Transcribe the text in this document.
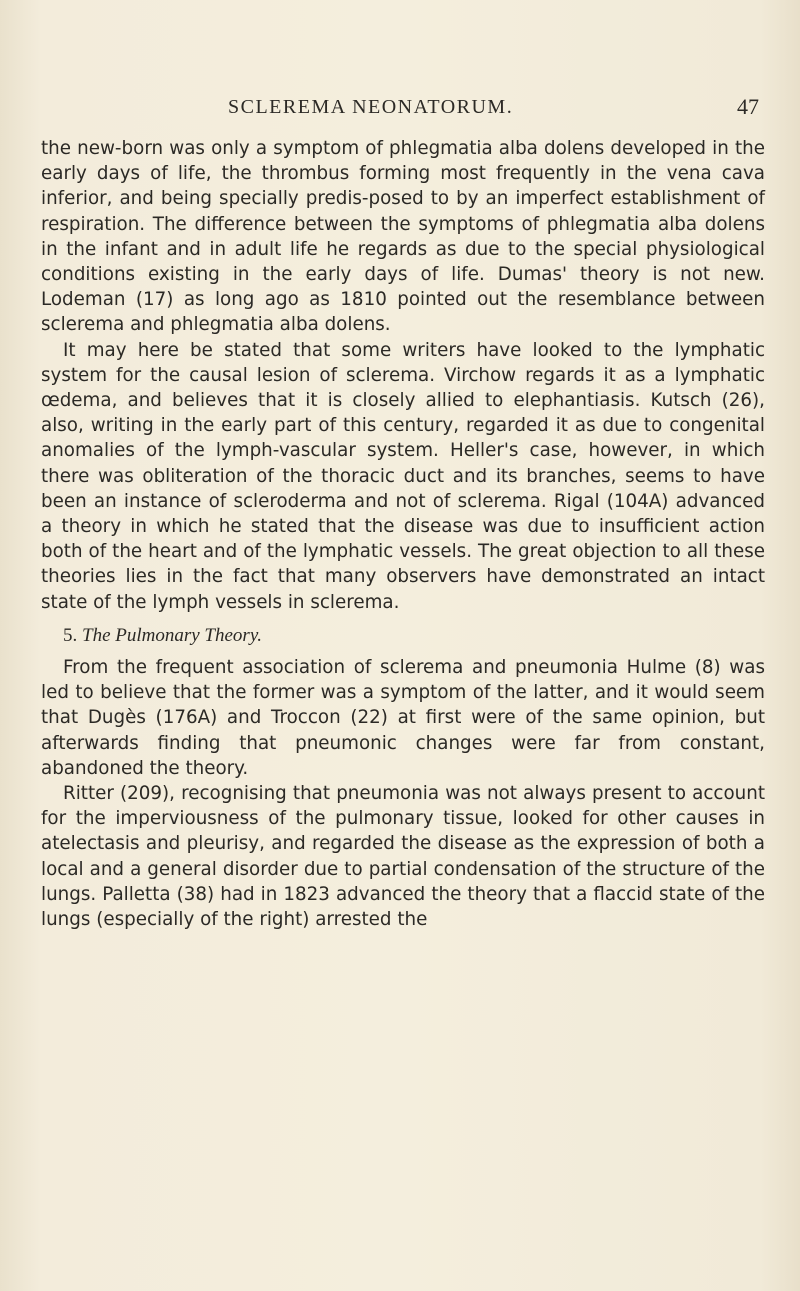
SCLEREMA NEONATORUM.	47

the new-born was only a symptom of phlegmatia alba dolens developed in the early days of life, the thrombus forming most frequently in the vena cava inferior, and being specially predis-posed to by an imperfect establishment of respiration. The difference between the symptoms of phlegmatia alba dolens in the infant and in adult life he regards as due to the special physiological conditions existing in the early days of life. Dumas' theory is not new. Lodeman (17) as long ago as 1810 pointed out the resemblance between sclerema and phlegmatia alba dolens.

It may here be stated that some writers have looked to the lymphatic system for the causal lesion of sclerema. Virchow regards it as a lymphatic œdema, and believes that it is closely allied to elephantiasis. Kutsch (26), also, writing in the early part of this century, regarded it as due to congenital anomalies of the lymph-vascular system. Heller's case, however, in which there was obliteration of the thoracic duct and its branches, seems to have been an instance of scleroderma and not of sclerema. Rigal (104A) advanced a theory in which he stated that the disease was due to insufficient action both of the heart and of the lymphatic vessels. The great objection to all these theories lies in the fact that many observers have demonstrated an intact state of the lymph vessels in sclerema.

5. The Pulmonary Theory.

From the frequent association of sclerema and pneumonia Hulme (8) was led to believe that the former was a symptom of the latter, and it would seem that Dugès (176A) and Troccon (22) at first were of the same opinion, but afterwards finding that pneumonic changes were far from constant, abandoned the theory.

Ritter (209), recognising that pneumonia was not always present to account for the imperviousness of the pulmonary tissue, looked for other causes in atelectasis and pleurisy, and regarded the disease as the expression of both a local and a general disorder due to partial condensation of the structure of the lungs. Palletta (38) had in 1823 advanced the theory that a flaccid state of the lungs (especially of the right) arrested the
